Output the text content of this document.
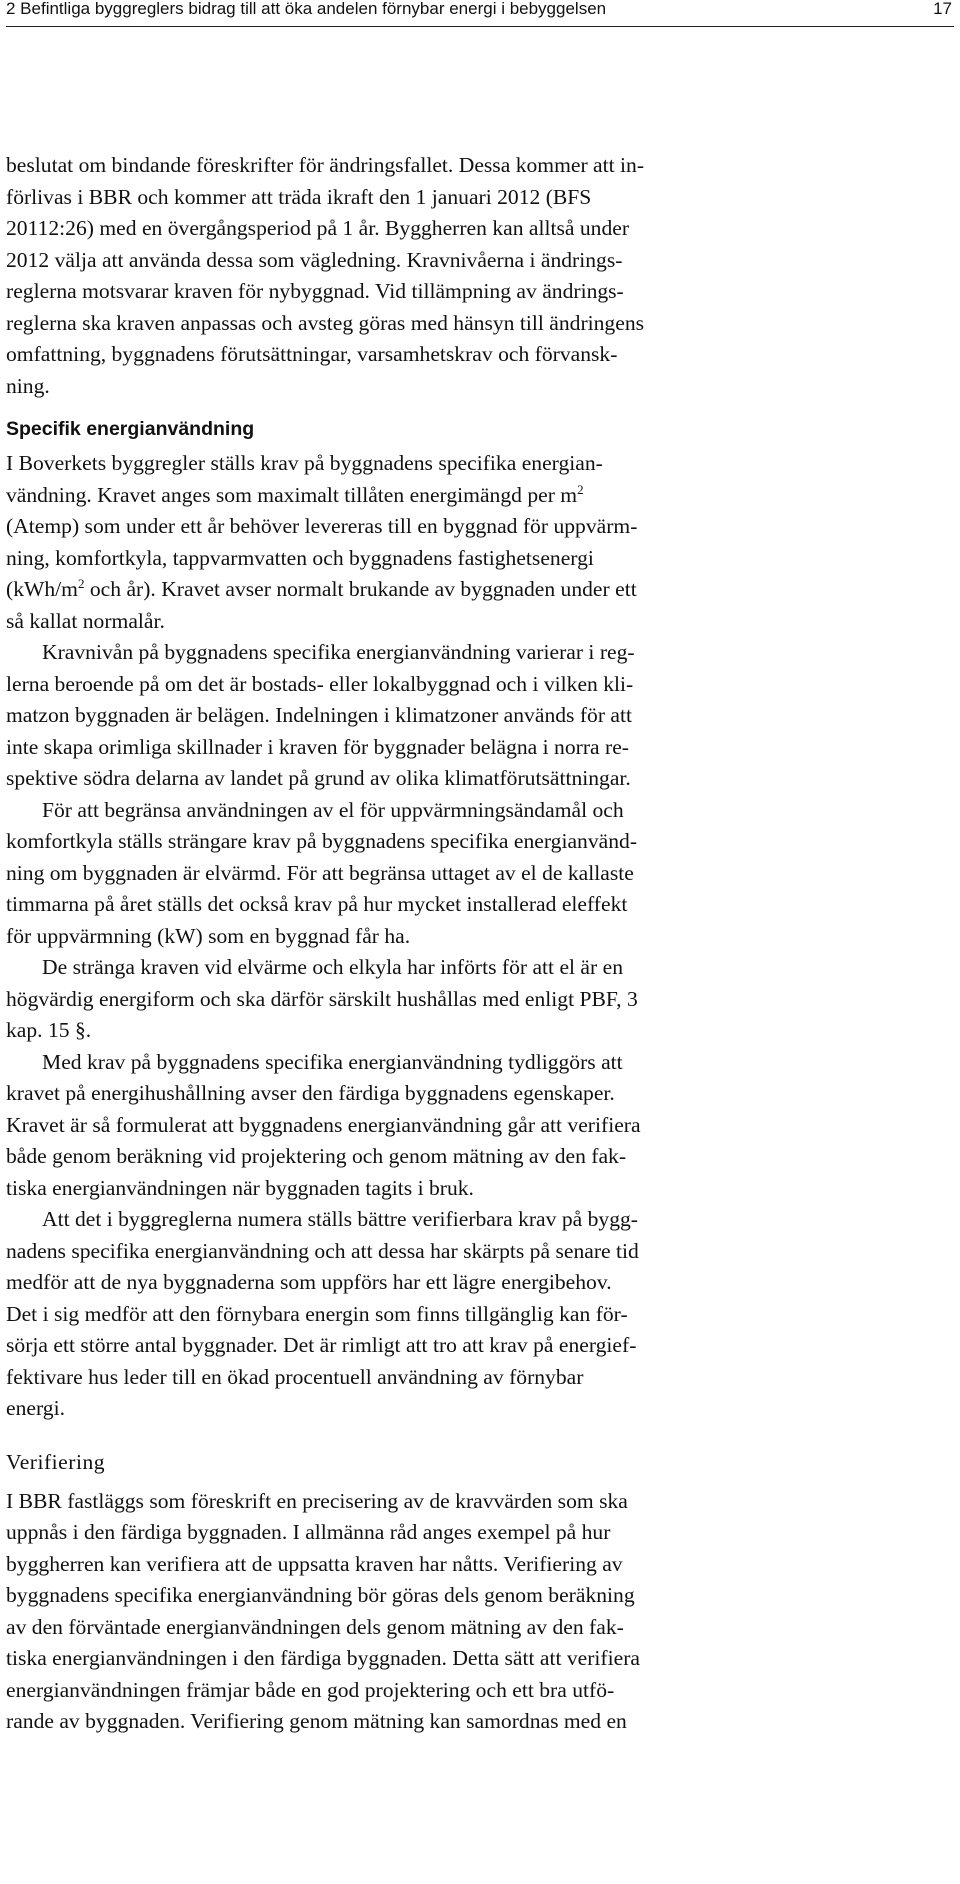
2 Befintliga byggreglers bidrag till att öka andelen förnybar energi i bebyggelsen	17

beslutat om bindande föreskrifter för ändringsfallet. Dessa kommer att in-

förlivas i BBR och kommer att träda ikraft den 1 januari 2012 (BFS

20112:26) med en övergångsperiod på 1 år. Byggherren kan alltså under

2012 välja att använda dessa som vägledning. Kravnivåerna i ändrings-

reglerna motsvarar kraven för nybyggnad. Vid tillämpning av ändrings-

reglerna ska kraven anpassas och avsteg göras med hänsyn till ändringens

omfattning, byggnadens förutsättningar, varsamhetskrav och förvansk-

ning.

Specifik energianvändning

I Boverkets byggregler ställs krav på byggnadens specifika energian-

vändning. Kravet anges som maximalt tillåten energimängd per $m^2$

(Atemp) som under ett år behöver levereras till en byggnad för uppvärm-

ning, komfortkyla, tappvarmvatten och byggnadens fastighetsenergi

($kWh/m^2$ och år). Kravet avser normalt brukande av byggnaden under ett

så kallat normalår.

Kravnivån på byggnadens specifika energianvändning varierar i reg-

lerna beroende på om det är bostads- eller lokalbyggnad och i vilken kli-

matzon byggnaden är belägen. Indelningen i klimatzoner används för att

inte skapa orimliga skillnader i kraven för byggnader belägna i norra re-

spektive södra delarna av landet på grund av olika klimatförutsättningar.

För att begränsa användningen av el för uppvärmningsändamål och

komfortkyla ställs strängare krav på byggnadens specifika energianvänd-

ning om byggnaden är elvärmd. För att begränsa uttaget av el de kallaste

timmarna på året ställs det också krav på hur mycket installerad eleffekt

för uppvärmning (kW) som en byggnad får ha.

De stränga kraven vid elvärme och elkyla har införts för att el är en

högvärdig energiform och ska därför särskilt hushållas med enligt PBF, 3

kap. 15 §.

Med krav på byggnadens specifika energianvändning tydliggörs att

kravet på energihushållning avser den färdiga byggnadens egenskaper.

Kravet är så formulerat att byggnadens energianvändning går att verifiera

både genom beräkning vid projektering och genom mätning av den fak-

tiska energianvändningen när byggnaden tagits i bruk.

Att det i byggreglerna numera ställs bättre verifierbara krav på bygg-

nadens specifika energianvändning och att dessa har skärpts på senare tid

medför att de nya byggnaderna som uppförs har ett lägre energibehov.

Det i sig medför att den förnybara energin som finns tillgänglig kan för-

sörja ett större antal byggnader. Det är rimligt att tro att krav på energief-

fektivare hus leder till en ökad procentuell användning av förnybar

energi.

Verifiering

I BBR fastläggs som föreskrift en precisering av de kravvärden som ska

uppnås i den färdiga byggnaden. I allmänna råd anges exempel på hur

byggherren kan verifiera att de uppsatta kraven har nåtts. Verifiering av

byggnadens specifika energianvändning bör göras dels genom beräkning

av den förväntade energianvändningen dels genom mätning av den fak-

tiska energianvändningen i den färdiga byggnaden. Detta sätt att verifiera

energianvändningen främjar både en god projektering och ett bra utfö-

rande av byggnaden. Verifiering genom mätning kan samordnas med en
